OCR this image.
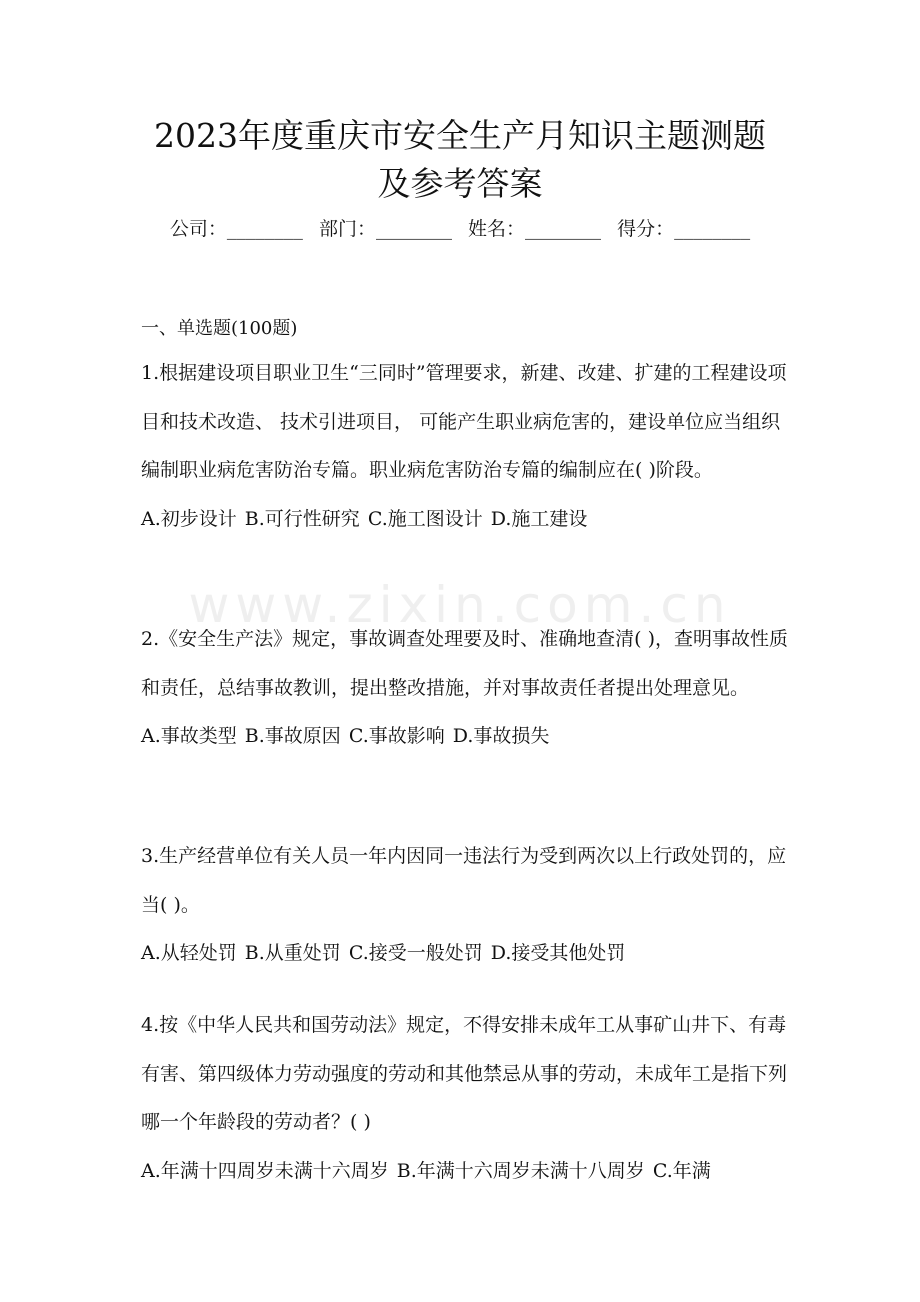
www.zixin.com.cn
2023年度重庆市安全生产月知识主题测题
及参考答案
公司：________ 部门：________ 姓名：________ 得分：________
一、单选题(100题)

1.根据建设项目职业卫生“三同时”管理要求，新建、改建、扩建的工程建设项目和技术改造、 技术引进项目， 可能产生职业病危害的，建设单位应当组织编制职业病危害防治专篇。职业病危害防治专篇的编制应在( )阶段。

A.初步设计 B.可行性研究 C.施工图设计 D.施工建设

2.《安全生产法》规定，事故调查处理要及时、准确地查清( )，查明事故性质和责任，总结事故教训，提出整改措施，并对事故责任者提出处理意见。

A.事故类型 B.事故原因 C.事故影响 D.事故损失

3.生产经营单位有关人员一年内因同一违法行为受到两次以上行政处罚的，应当( )。

A.从轻处罚 B.从重处罚 C.接受一般处罚 D.接受其他处罚

4.按《中华人民共和国劳动法》规定，不得安排未成年工从事矿山井下、有毒有害、第四级体力劳动强度的劳动和其他禁忌从事的劳动，未成年工是指下列哪一个年龄段的劳动者？( )

A.年满十四周岁未满十六周岁 B.年满十六周岁未满十八周岁 C.年满
